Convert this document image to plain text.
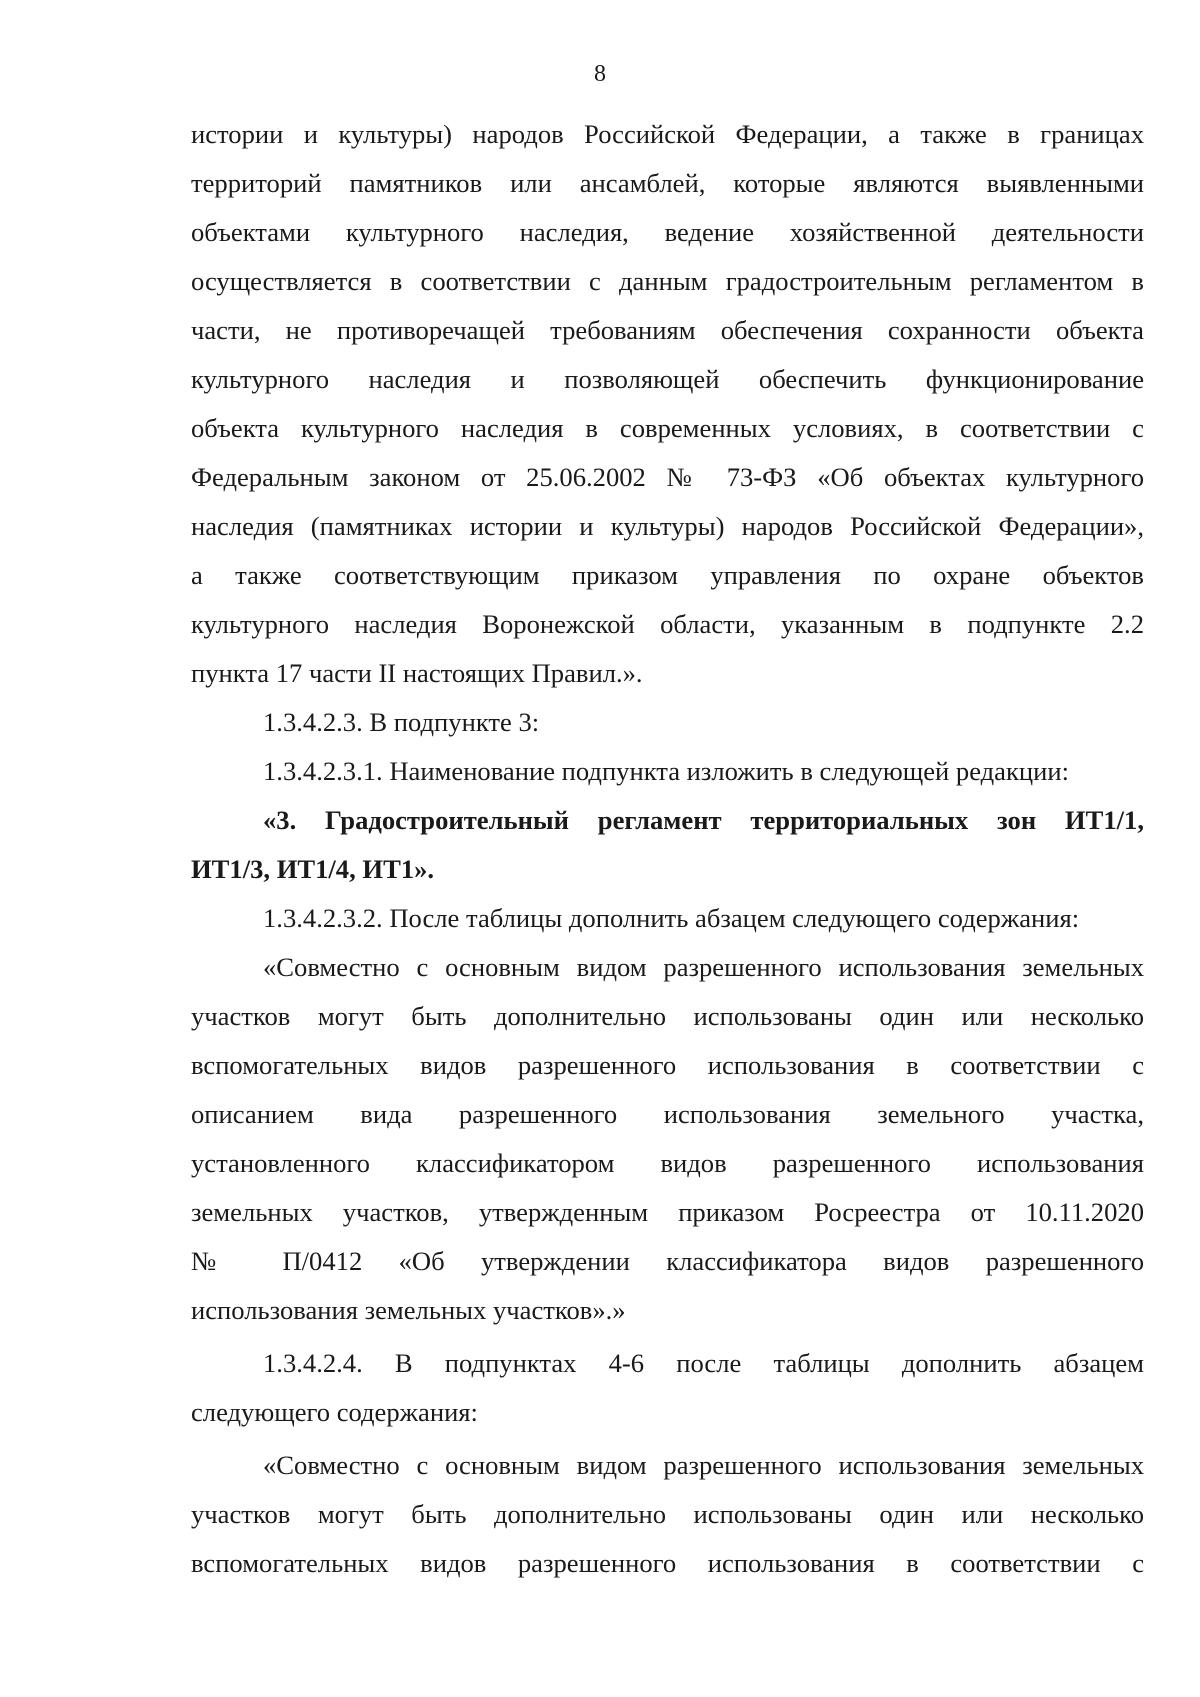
8
истории и культуры) народов Российской Федерации, а также в границах
территорий памятников или ансамблей, которые являются выявленными
объектами культурного наследия, ведение хозяйственной деятельности
осуществляется в соответствии с данным градостроительным регламентом в
части, не противоречащей требованиям обеспечения сохранности объекта
культурного наследия и позволяющей обеспечить функционирование
объекта культурного наследия в современных условиях, в соответствии с
Федеральным законом от 25.06.2002 № 73-ФЗ «Об объектах культурного
наследия (памятниках истории и культуры) народов Российской Федерации»,
а также соответствующим приказом управления по охране объектов
культурного наследия Воронежской области, указанным в подпункте 2.2
пункта 17 части II настоящих Правил.».
1.3.4.2.3. В подпункте 3:
1.3.4.2.3.1. Наименование подпункта изложить в следующей редакции:
«3. Градостроительный регламент территориальных зон ИТ1/1,
ИТ1/3, ИТ1/4, ИТ1».
1.3.4.2.3.2. После таблицы дополнить абзацем следующего содержания:
«Совместно с основным видом разрешенного использования земельных
участков могут быть дополнительно использованы один или несколько
вспомогательных видов разрешенного использования в соответствии с
описанием вида разрешенного использования земельного участка,
установленного классификатором видов разрешенного использования
земельных участков, утвержденным приказом Росреестра от 10.11.2020
№ П/0412 «Об утверждении классификатора видов разрешенного
использования земельных участков».»
1.3.4.2.4. В подпунктах 4-6 после таблицы дополнить абзацем
следующего содержания:
«Совместно с основным видом разрешенного использования земельных
участков могут быть дополнительно использованы один или несколько
вспомогательных видов разрешенного использования в соответствии с
